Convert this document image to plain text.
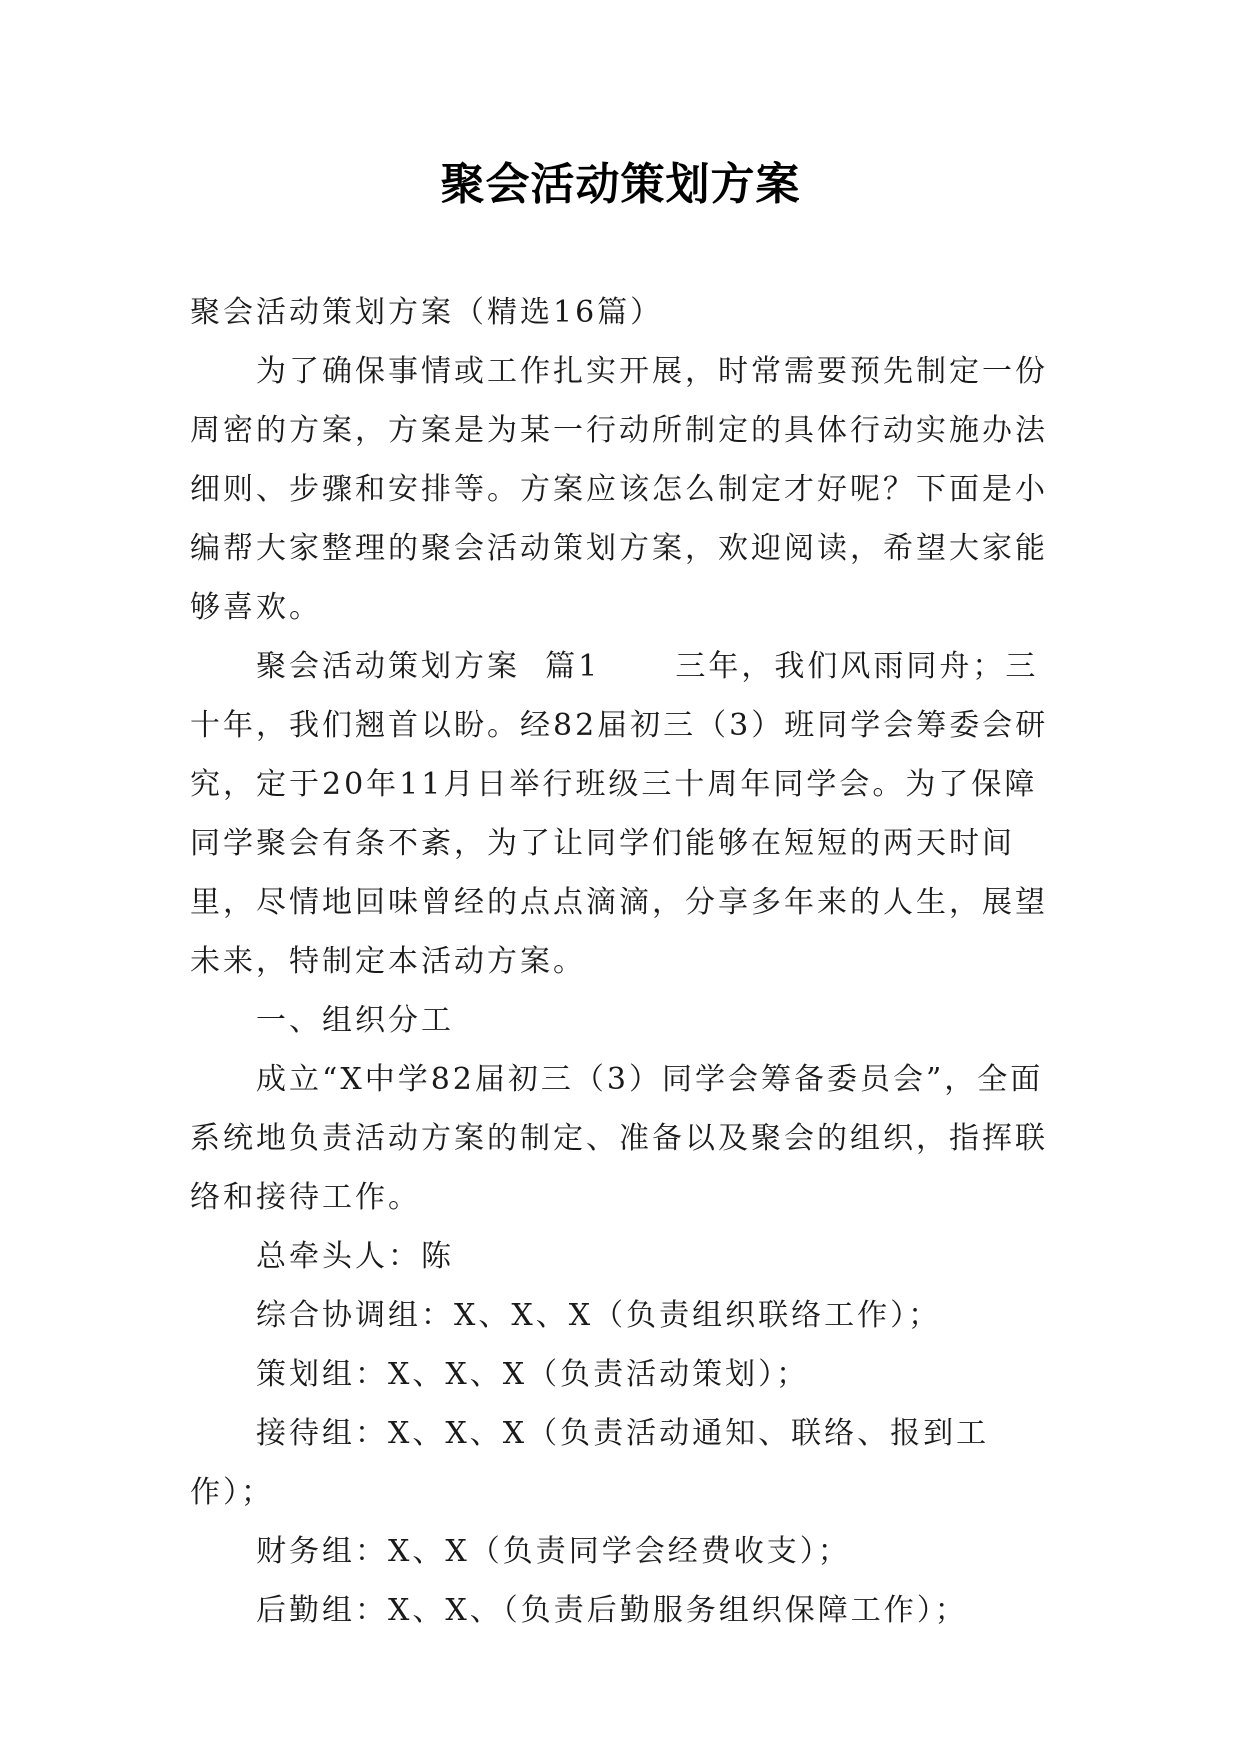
聚会活动策划方案

聚会活动策划方案（精选16篇）

为了确保事情或工作扎实开展，时常需要预先制定一份周密的方案，方案是为某一行动所制定的具体行动实施办法细则、步骤和安排等。方案应该怎么制定才好呢？下面是小编帮大家整理的聚会活动策划方案，欢迎阅读，希望大家能够喜欢。

聚会活动策划方案  篇1      三年，我们风雨同舟；三十年，我们翘首以盼。经82届初三（3）班同学会筹委会研究，定于20年11月日举行班级三十周年同学会。为了保障同学聚会有条不紊，为了让同学们能够在短短的两天时间里，尽情地回味曾经的点点滴滴，分享多年来的人生，展望未来，特制定本活动方案。

一、组织分工

成立“X中学82届初三（3）同学会筹备委员会”，全面系统地负责活动方案的制定、准备以及聚会的组织，指挥联络和接待工作。

总牵头人：陈

综合协调组：X、X、X（负责组织联络工作）；

策划组：X、X、X（负责活动策划）；

接待组：X、X、X（负责活动通知、联络、报到工作）；

财务组：X、X（负责同学会经费收支）；

后勤组：X、X、（负责后勤服务组织保障工作）；
